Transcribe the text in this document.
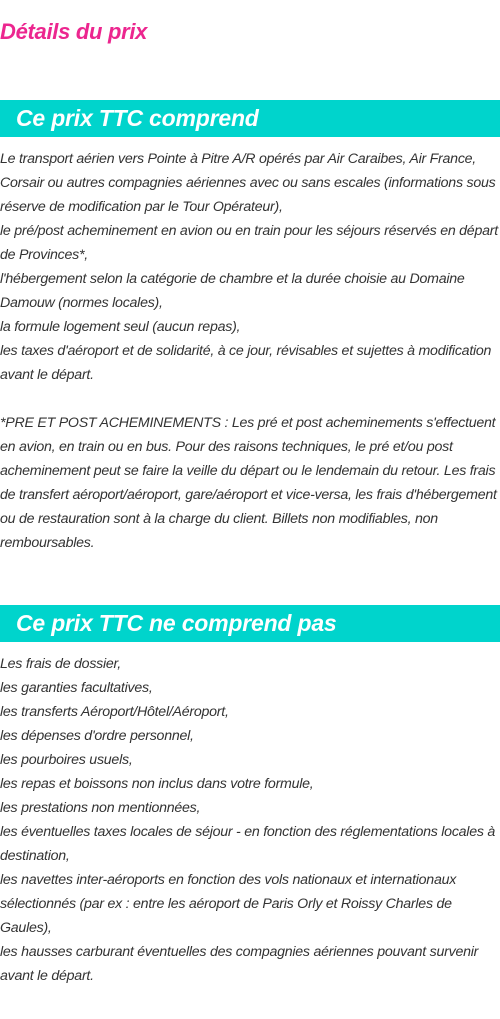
Détails du prix
Ce prix TTC comprend

Le transport aérien vers Pointe à Pitre A/R opérés par Air Caraibes, Air France, Corsair ou autres compagnies aériennes avec ou sans escales (informations sous réserve de modification par le Tour Opérateur),

le pré/post acheminement en avion ou en train pour les séjours réservés en départ de Provinces*,

l'hébergement selon la catégorie de chambre et la durée choisie au Domaine Damouw (normes locales),

la formule logement seul (aucun repas),

les taxes d'aéroport et de solidarité, à ce jour, révisables et sujettes à modification avant le départ.

*PRE ET POST ACHEMINEMENTS : Les pré et post acheminements s'effectuent en avion, en train ou en bus. Pour des raisons techniques, le pré et/ou post acheminement peut se faire la veille du départ ou le lendemain du retour. Les frais de transfert aéroport/aéroport, gare/aéroport et vice-versa, les frais d'hébergement ou de restauration sont à la charge du client. Billets non modifiables, non remboursables.

Ce prix TTC ne comprend pas

Les frais de dossier,

les garanties facultatives,

les transferts Aéroport/Hôtel/Aéroport,

les dépenses d'ordre personnel,

les pourboires usuels,

les repas et boissons non inclus dans votre formule,

les prestations non mentionnées,

les éventuelles taxes locales de séjour - en fonction des réglementations locales à destination,

les navettes inter-aéroports en fonction des vols nationaux et internationaux sélectionnés (par ex : entre les aéroport de Paris Orly et Roissy Charles de Gaules),

les hausses carburant éventuelles des compagnies aériennes pouvant survenir avant le départ.
